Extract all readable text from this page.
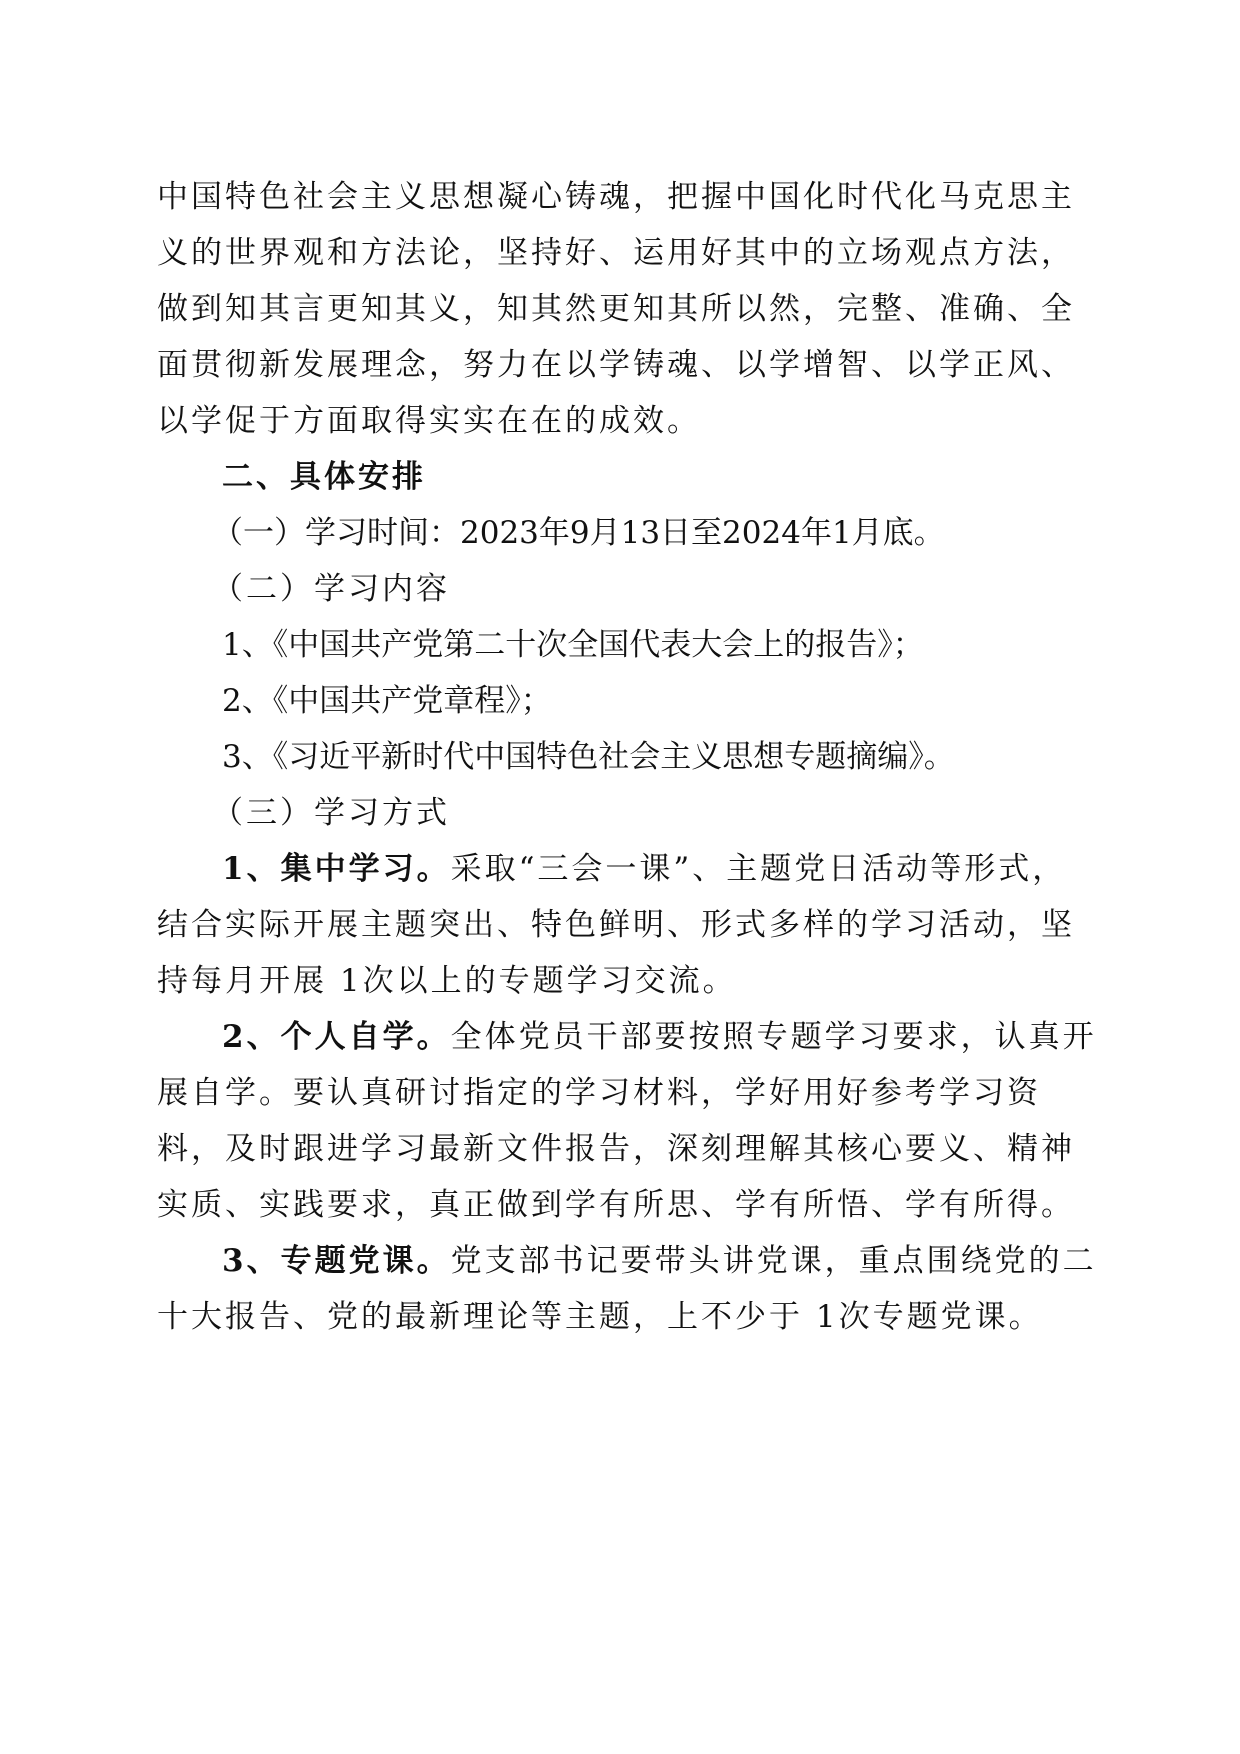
中国特色社会主义思想凝心铸魂，把握中国化时代化马克思主
义的世界观和方法论，坚持好、运用好其中的立场观点方法，
做到知其言更知其义，知其然更知其所以然，完整、准确、全
面贯彻新发展理念，努力在以学铸魂、以学增智、以学正风、
以学促于方面取得实实在在的成效。
二、具体安排
（一）学习时间：2023年9月13日至2024年1月底。
（二）学习内容
1、《中国共产党第二十次全国代表大会上的报告》；
2、《中国共产党章程》；
3、《习近平新时代中国特色社会主义思想专题摘编》。
（三）学习方式
1、集中学习。采取“三会一课”、主题党日活动等形式，
结合实际开展主题突出、特色鲜明、形式多样的学习活动，坚
持每月开展 1次以上的专题学习交流。
2、个人自学。全体党员干部要按照专题学习要求，认真开
展自学。要认真研讨指定的学习材料，学好用好参考学习资
料，及时跟进学习最新文件报告，深刻理解其核心要义、精神
实质、实践要求，真正做到学有所思、学有所悟、学有所得。
3、专题党课。党支部书记要带头讲党课，重点围绕党的二
十大报告、党的最新理论等主题，上不少于 1次专题党课。
